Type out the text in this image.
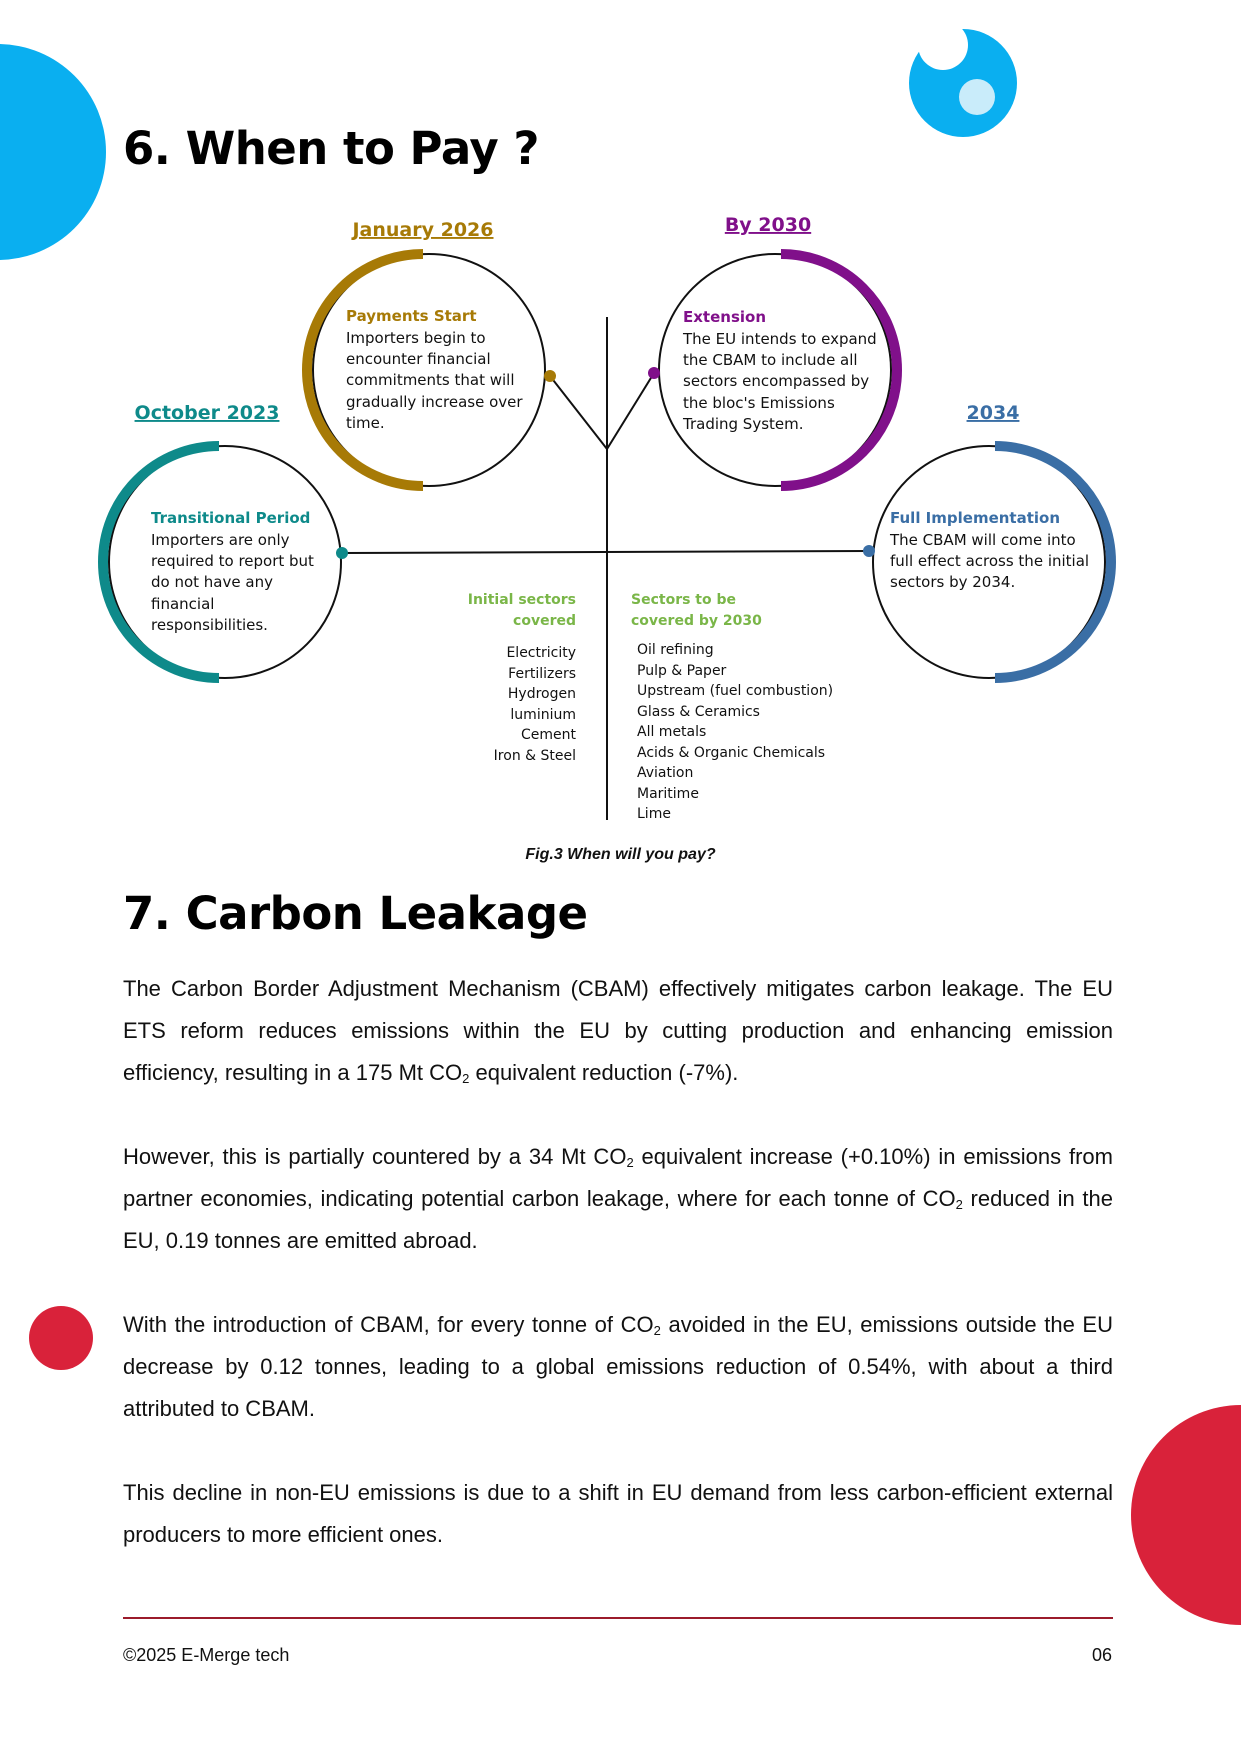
6. When to Pay ?
October 2023
Transitional Period
Importers are only
required to report but
do not have any
financial
responsibilities.
January 2026
Payments Start
Importers begin to
encounter financial
commitments that will
gradually increase over
time.
By 2030
Extension
The EU intends to expand
the CBAM to include all
sectors encompassed by
the bloc's Emissions
Trading System.	2034
Full Implementation
The CBAM will come into
full effect across the initial
sectors by 2034.
Initial sectors
covered
Electricity
Fertilizers
Hydrogen
luminium
Cement
Iron & Steel
Sectors to be
covered by 2030
Oil refining
Pulp & Paper
Upstream (fuel combustion)
Glass & Ceramics
All metals
Acids & Organic Chemicals
Aviation
Maritime
Lime
Fig.3 When will you pay?
7. Carbon Leakage

The Carbon Border Adjustment Mechanism (CBAM) effectively mitigates carbon leakage. The EU ETS reform reduces emissions within the EU by cutting production and enhancing emission efficiency, resulting in a 175 Mt $CO_2$ equivalent reduction (-7%).

However, this is partially countered by a 34 Mt $CO_2$ equivalent increase (+0.10%) in emissions from partner economies, indicating potential carbon leakage, where for each tonne of $CO_2$ reduced in the EU, 0.19 tonnes are emitted abroad.

With the introduction of CBAM, for every tonne of $CO_2$ avoided in the EU, emissions outside the EU decrease by 0.12 tonnes, leading to a global emissions reduction of 0.54%, with about a third attributed to CBAM.

This decline in non-EU emissions is due to a shift in EU demand from less carbon-efficient external producers to more efficient ones.

©2025 E-Merge tech	06
